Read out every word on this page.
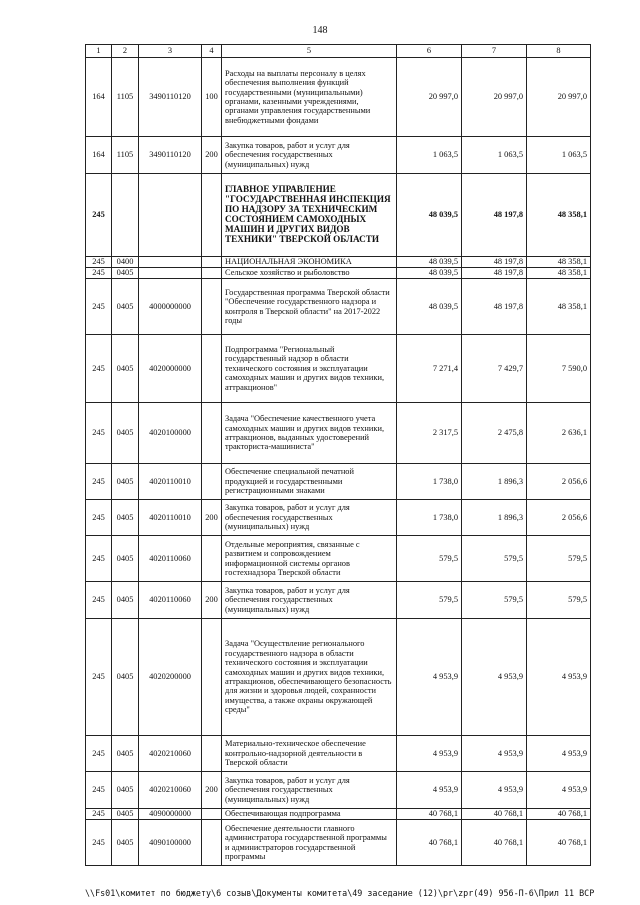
148
1	2	3	4	5	6	7	8
164	1105	3490110120	100	Расходы на выплаты персоналу в целях обеспечения выполнения функций государственными (муниципальными) органами, казенными учреждениями, органами управления государственными внебюджетными фондами	20 997,0	20 997,0	20 997,0
164	1105	3490110120	200	Закупка товаров, работ и услуг для обеспечения государственных (муниципальных) нужд	1 063,5	1 063,5	1 063,5
245				ГЛАВНОЕ УПРАВЛЕНИЕ "ГОСУДАРСТВЕННАЯ ИНСПЕКЦИЯ ПО НАДЗОРУ ЗА ТЕХНИЧЕСКИМ СОСТОЯНИЕМ САМОХОДНЫХ МАШИН И ДРУГИХ ВИДОВ ТЕХНИКИ" ТВЕРСКОЙ ОБЛАСТИ	48 039,5	48 197,8	48 358,1
245	0400			НАЦИОНАЛЬНАЯ ЭКОНОМИКА	48 039,5	48 197,8	48 358,1
245	0405			Сельское хозяйство и рыболовство	48 039,5	48 197,8	48 358,1
245	0405	4000000000		Государственная программа Тверской области "Обеспечение государственного надзора и контроля в Тверской области" на 2017-2022 годы	48 039,5	48 197,8	48 358,1
245	0405	4020000000		Подпрограмма "Региональный государственный надзор в области технического состояния и эксплуатации самоходных машин и других видов техники, аттракционов"	7 271,4	7 429,7	7 590,0
245	0405	4020100000		Задача "Обеспечение качественного учета самоходных машин и других видов техники, аттракционов, выданных удостоверений тракториста-машиниста"	2 317,5	2 475,8	2 636,1
245	0405	4020110010		Обеспечение специальной печатной продукцией и государственными регистрационными знаками	1 738,0	1 896,3	2 056,6
245	0405	4020110010	200	Закупка товаров, работ и услуг для обеспечения государственных (муниципальных) нужд	1 738,0	1 896,3	2 056,6
245	0405	4020110060		Отдельные мероприятия, связанные с развитием и сопровождением информационной системы органов гостехнадзора Тверской области	579,5	579,5	579,5
245	0405	4020110060	200	Закупка товаров, работ и услуг для обеспечения государственных (муниципальных) нужд	579,5	579,5	579,5
245	0405	4020200000		Задача "Осуществление регионального государственного надзора в области технического состояния и эксплуатации самоходных машин и других видов техники, аттракционов, обеспечивающего безопасность для жизни и здоровья людей, сохранности имущества, а также охраны окружающей среды"	4 953,9	4 953,9	4 953,9
245	0405	4020210060		Материально-техническое обеспечение контрольно-надзорной деятельности в Тверской области	4 953,9	4 953,9	4 953,9
245	0405	4020210060	200	Закупка товаров, работ и услуг для обеспечения государственных (муниципальных) нужд	4 953,9	4 953,9	4 953,9
245	0405	4090000000		Обеспечивающая подпрограмма	40 768,1	40 768,1	40 768,1
245	0405	4090100000		Обеспечение деятельности главного администратора государственной программы и администраторов государственной программы	40 768,1	40 768,1	40 768,1
\\Fs01\комитет по бюджету\6 созыв\Документы комитета\49 заседание (12)\pr\zpr(49) 956-П-6\Прил 11 ВСР
